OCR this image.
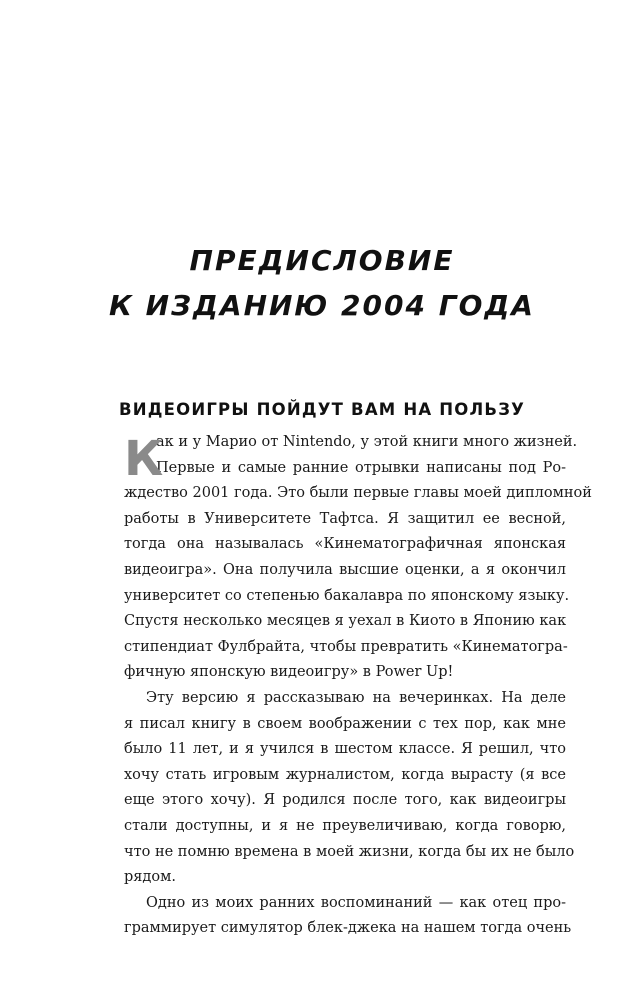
ПРЕДИСЛОВИЕ
К ИЗДАНИЮ 2004 ГОДА
ВИДЕОИГРЫ ПОЙДУТ ВАМ НА ПОЛЬЗУ
К
ак и у Марио от Nintendo, у этой книги много жизней.
Первые и самые ранние отрывки написаны под Ро-
ждество 2001 года. Это были первые главы моей дипломной
работы в Университете Тафтса. Я защитил ее весной,
тогда она называлась «Кинематографичная японская
видеоигра». Она получила высшие оценки, а я окончил
университет со степенью бакалавра по японскому языку.
Спустя несколько месяцев я уехал в Киото в Японию как
стипендиат Фулбрайта, чтобы превратить «Кинематогра-
фичную японскую видеоигру» в Power Up!
Эту версию я рассказываю на вечеринках. На деле
я писал книгу в своем воображении с тех пор, как мне
было 11 лет, и я учился в шестом классе. Я решил, что
хочу стать игровым журналистом, когда вырасту (я все
еще этого хочу). Я родился после того, как видеоигры
стали доступны, и я не преувеличиваю, когда говорю,
что не помню времена в моей жизни, когда бы их не было
рядом.
Одно из моих ранних воспоминаний — как отец про-
граммирует симулятор блек-джека на нашем тогда очень
